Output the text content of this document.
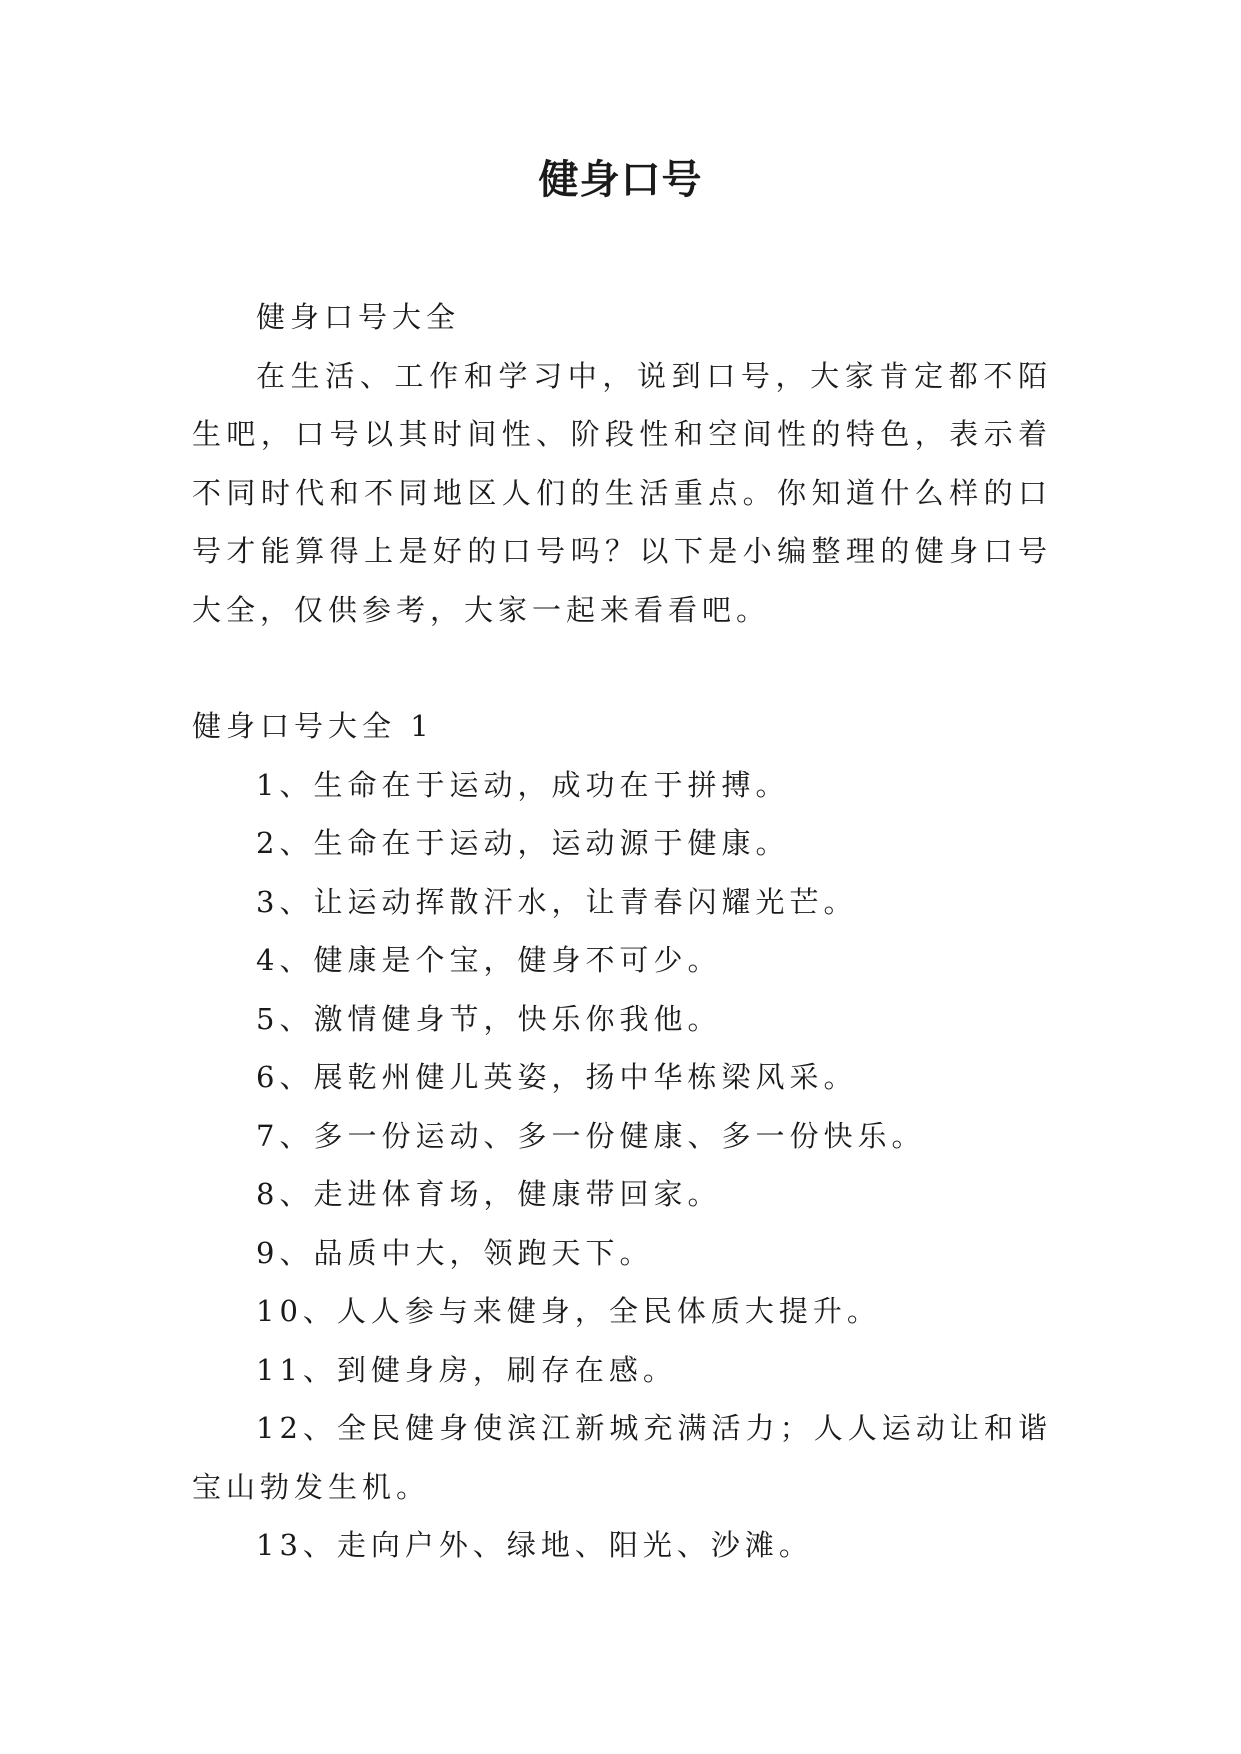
健身口号

健身口号大全

在生活、工作和学习中，说到口号，大家肯定都不陌生吧，口号以其时间性、阶段性和空间性的特色，表示着不同时代和不同地区人们的生活重点。你知道什么样的口号才能算得上是好的口号吗？以下是小编整理的健身口号大全，仅供参考，大家一起来看看吧。

健身口号大全 1

1、生命在于运动，成功在于拼搏。

2、生命在于运动，运动源于健康。

3、让运动挥散汗水，让青春闪耀光芒。

4、健康是个宝，健身不可少。

5、激情健身节，快乐你我他。

6、展乾州健儿英姿，扬中华栋梁风采。

7、多一份运动、多一份健康、多一份快乐。

8、走进体育场，健康带回家。

9、品质中大，领跑天下。

10、人人参与来健身，全民体质大提升。

11、到健身房，刷存在感。

12、全民健身使滨江新城充满活力；人人运动让和谐宝山勃发生机。

13、走向户外、绿地、阳光、沙滩。
